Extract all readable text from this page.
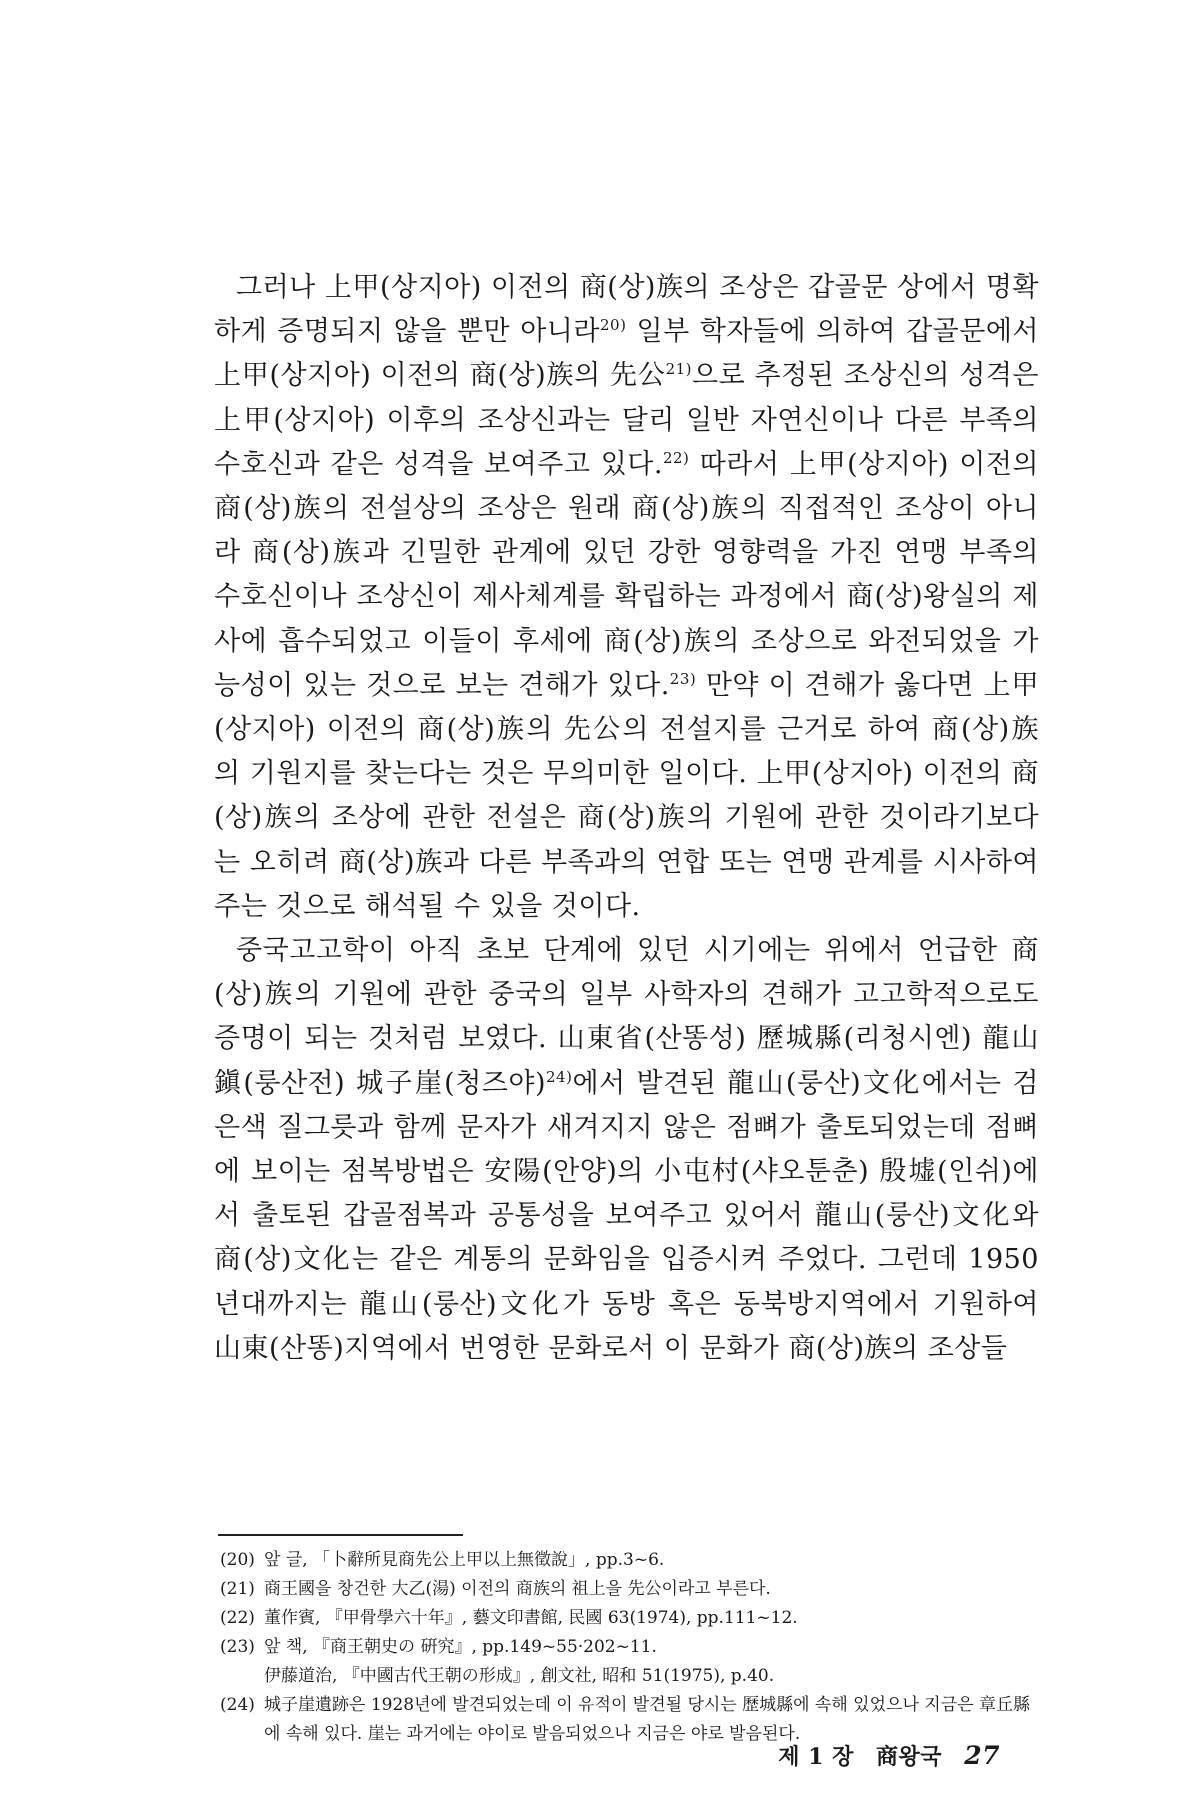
그러나 上甲(상지아) 이전의 商(상)族의 조상은 갑골문 상에서 명확하게 증명되지 않을 뿐만 아니라$^{20)}$ 일부 학자들에 의하여 갑골문에서 上甲(상지아) 이전의 商(상)族의 先公$^{21)}$으로 추정된 조상신의 성격은 上甲(상지아) 이후의 조상신과는 달리 일반 자연신이나 다른 부족의 수호신과 같은 성격을 보여주고 있다.$^{22)}$ 따라서 上甲(상지아) 이전의 商(상)族의 전설상의 조상은 원래 商(상)族의 직접적인 조상이 아니라 商(상)族과 긴밀한 관계에 있던 강한 영향력을 가진 연맹 부족의 수호신이나 조상신이 제사체계를 확립하는 과정에서 商(상)왕실의 제사에 흡수되었고 이들이 후세에 商(상)族의 조상으로 와전되었을 가능성이 있는 것으로 보는 견해가 있다.$^{23)}$ 만약 이 견해가 옳다면 上甲(상지아) 이전의 商(상)族의 先公의 전설지를 근거로 하여 商(상)族의 기원지를 찾는다는 것은 무의미한 일이다. 上甲(상지아) 이전의 商(상)族의 조상에 관한 전설은 商(상)族의 기원에 관한 것이라기보다는 오히려 商(상)族과 다른 부족과의 연합 또는 연맹 관계를 시사하여 주는 것으로 해석될 수 있을 것이다.

중국고고학이 아직 초보 단계에 있던 시기에는 위에서 언급한 商(상)族의 기원에 관한 중국의 일부 사학자의 견해가 고고학적으로도 증명이 되는 것처럼 보였다. 山東省(산똥성) 歷城縣(리청시엔) 龍山鎭(룽산전) 城子崖(청즈야)$^{24)}$에서 발견된 龍山(룽산)文化에서는 검은색 질그릇과 함께 문자가 새겨지지 않은 점뼈가 출토되었는데 점뼈에 보이는 점복방법은 安陽(안양)의 小屯村(샤오툰춘) 殷墟(인쉬)에서 출토된 갑골점복과 공통성을 보여주고 있어서 龍山(룽산)文化와 商(상)文化는 같은 계통의 문화임을 입증시켜 주었다. 그런데 1950년대까지는 龍山(룽산)文化가 동방 혹은 동북방지역에서 기원하여 山東(산똥)지역에서 번영한 문화로서 이 문화가 商(상)族의 조상들

(20) 앞 글, 「卜辭所見商先公上甲以上無徵說」, pp.3~6.
(21) 商王國을 창건한 大乙(湯) 이전의 商族의 祖上을 先公이라고 부른다.
(22) 董作賓, 『甲骨學六十年』, 藝文印書館, 民國 63(1974), pp.111~12.
(23) 앞 책, 『商王朝史の 硏究』, pp.149~55·202~11.
伊藤道治, 『中國古代王朝の形成』, 創文社, 昭和 51(1975), p.40.
(24) 城子崖遺跡은 1928년에 발견되었는데 이 유적이 발견될 당시는 歷城縣에 속해 있었으나 지금은 章丘縣에 속해 있다. 崖는 과거에는 야이로 발음되었으나 지금은 야로 발음된다.
제 1 장 商왕국 27
